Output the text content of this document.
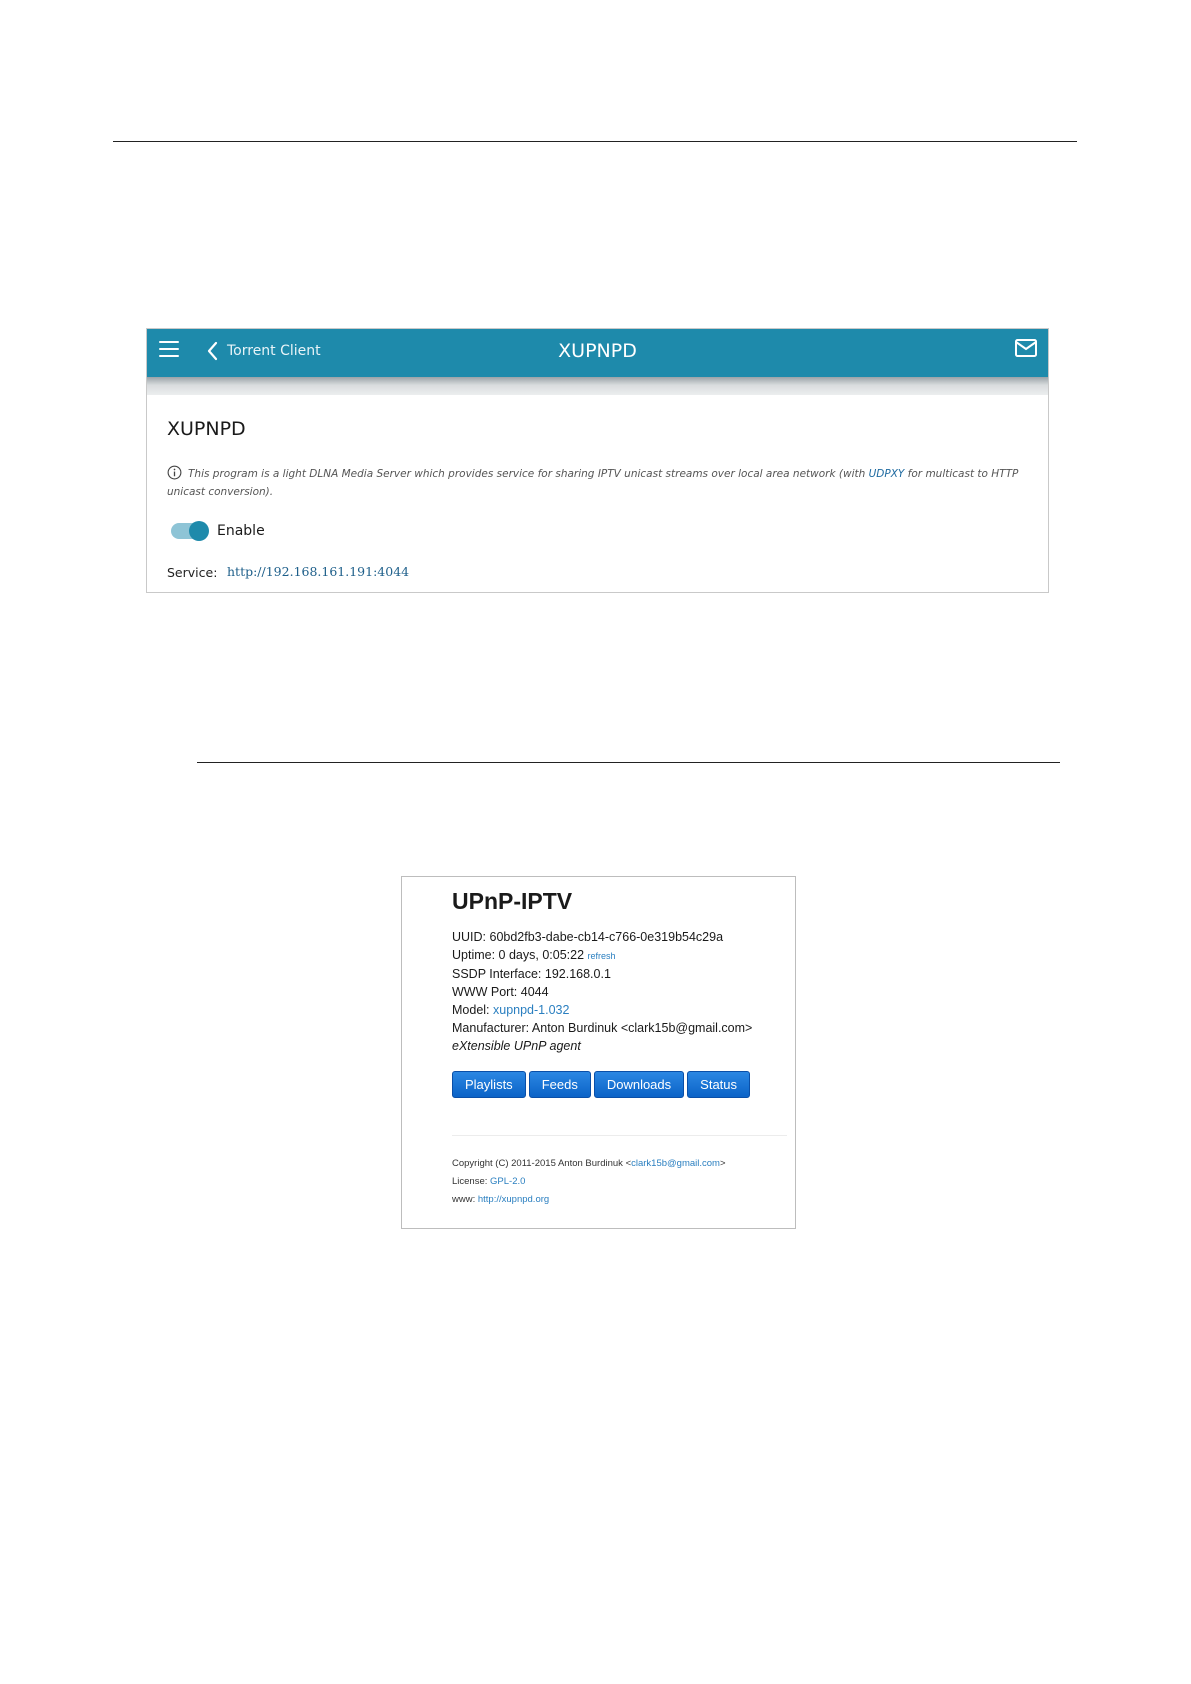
Torrent Client	XUPNPD
XUPNPD
This program is a light DLNA Media Server which provides service for sharing IPTV unicast streams over local area network (with UDPXY for multicast to HTTP unicast conversion).
Enable
Service: http://192.168.161.191:4044
UPnP-IPTV
UUID: 60bd2fb3-dabe-cb14-c766-0e319b54c29a
Uptime: 0 days, 0:05:22 refresh
SSDP Interface: 192.168.0.1
WWW Port: 4044
Model: xupnpd-1.032
Manufacturer: Anton Burdinuk <clark15b@gmail.com>
eXtensible UPnP agent
Playlists	Feeds	Downloads	Status
Copyright (C) 2011-2015 Anton Burdinuk <clark15b@gmail.com>
License: GPL-2.0
www: http://xupnpd.org
